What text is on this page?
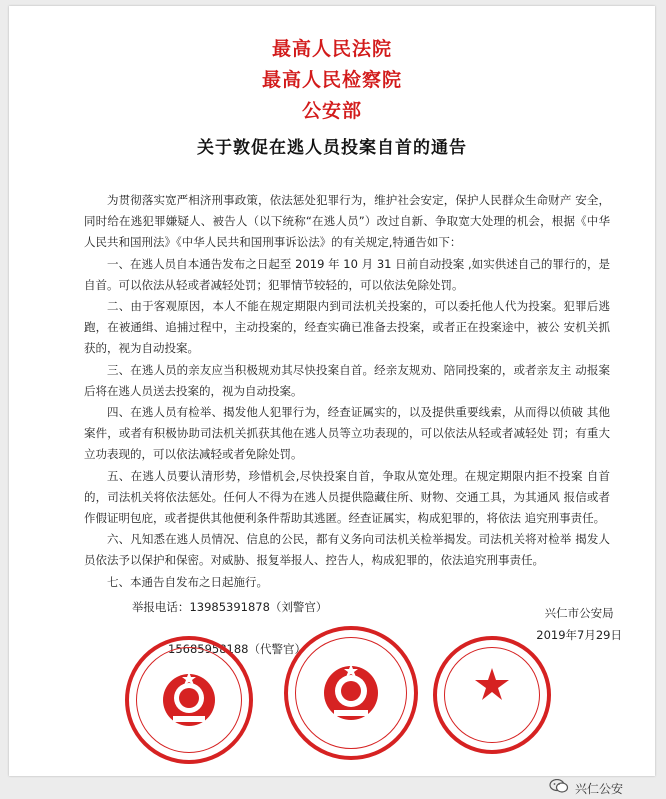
最高人民法院
最高人民检察院
公安部
关于敦促在逃人员投案自首的通告

为贯彻落实宽严相济刑事政策，依法惩处犯罪行为，维护社会安定，保护人民群众生命财产 安全，同时给在逃犯罪嫌疑人、被告人（以下统称“在逃人员”）改过自新、争取宽大处理的机会，根据《中华人民共和国刑法》《中华人民共和国刑事诉讼法》的有关规定,特通告如下：

一、在逃人员自本通告发布之日起至 2019 年 10 月 31 日前自动投案 ,如实供述自己的罪行的，是自首。可以依法从轻或者减轻处罚；犯罪情节较轻的，可以依法免除处罚。

二、由于客观原因，本人不能在规定期限内到司法机关投案的，可以委托他人代为投案。犯罪后逃跑，在被通缉、追捕过程中，主动投案的，经查实确已准备去投案，或者正在投案途中，被公 安机关抓获的，视为自动投案。

三、在逃人员的亲友应当积极规劝其尽快投案自首。经亲友规劝、陪同投案的，或者亲友主 动报案后将在逃人员送去投案的，视为自动投案。

四、在逃人员有检举、揭发他人犯罪行为，经查证属实的，以及提供重要线索，从而得以侦破 其他案件，或者有积极协助司法机关抓获其他在逃人员等立功表现的，可以依法从轻或者减轻处 罚；有重大立功表现的，可以依法减轻或者免除处罚。

五、在逃人员要认清形势，珍惜机会,尽快投案自首，争取从宽处理。在规定期限内拒不投案 自首的，司法机关将依法惩处。任何人不得为在逃人员提供隐藏住所、财物、交通工具，为其通风 报信或者作假证明包庇，或者提供其他便利条件帮助其逃匿。经查证属实，构成犯罪的，将依法 追究刑事责任。

六、凡知悉在逃人员情况、信息的公民，都有义务向司法机关检举揭发。司法机关将对检举 揭发人员依法予以保护和保密。对威胁、报复举报人、控告人，构成犯罪的，依法追究刑事责任。

七、本通告自发布之日起施行。

举报电话：13985391878（刘警官）

15685958188（代警官）
兴仁市公安局
2019年7月29日
兴仁公安
